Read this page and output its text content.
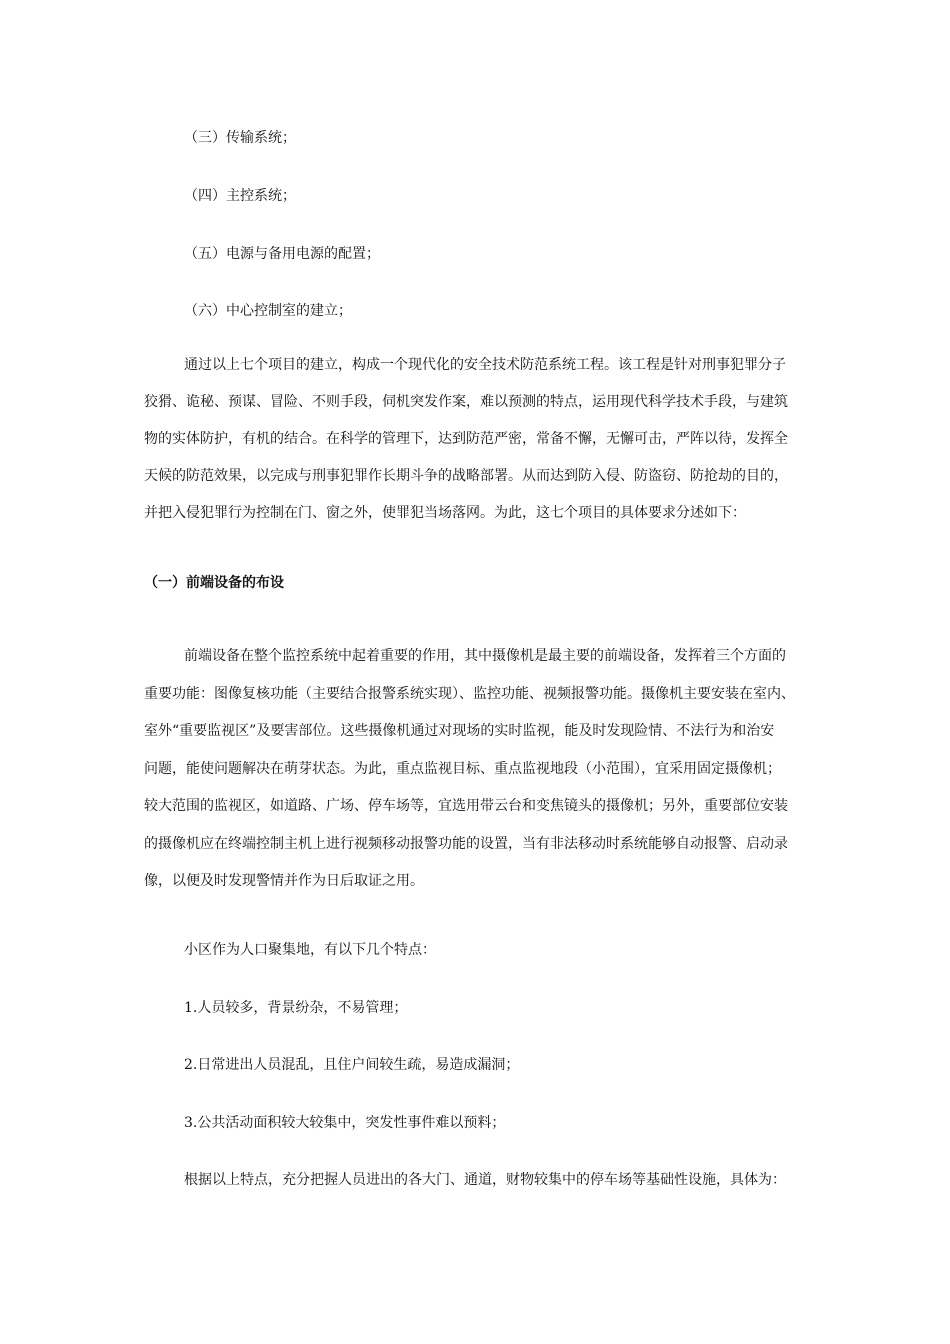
（三）传输系统；
（四）主控系统；
（五）电源与备用电源的配置；
（六）中心控制室的建立；
通过以上七个项目的建立，构成一个现代化的安全技术防范系统工程。该工程是针对刑事犯罪分子
狡猾、诡秘、预谋、冒险、不则手段，伺机突发作案，难以预测的特点，运用现代科学技术手段，与建筑
物的实体防护，有机的结合。在科学的管理下，达到防范严密，常备不懈，无懈可击，严阵以待，发挥全
天候的防范效果，以完成与刑事犯罪作长期斗争的战略部署。从而达到防入侵、防盗窃、防抢劫的目的，
并把入侵犯罪行为控制在门、窗之外，使罪犯当场落网。为此，这七个项目的具体要求分述如下：
（一）前端设备的布设
前端设备在整个监控系统中起着重要的作用，其中摄像机是最主要的前端设备，发挥着三个方面的
重要功能：图像复核功能（主要结合报警系统实现）、监控功能、视频报警功能。摄像机主要安装在室内、
室外“重要监视区”及要害部位。这些摄像机通过对现场的实时监视，能及时发现险情、不法行为和治安
问题，能使问题解决在萌芽状态。为此，重点监视目标、重点监视地段（小范围），宜采用固定摄像机；
较大范围的监视区，如道路、广场、停车场等，宜选用带云台和变焦镜头的摄像机；另外，重要部位安装
的摄像机应在终端控制主机上进行视频移动报警功能的设置，当有非法移动时系统能够自动报警、启动录
像，以便及时发现警情并作为日后取证之用。
小区作为人口聚集地，有以下几个特点：
1.人员较多，背景纷杂，不易管理；
2.日常进出人员混乱，且住户间较生疏，易造成漏洞；
3.公共活动面积较大较集中，突发性事件难以预料；
根据以上特点，充分把握人员进出的各大门、通道，财物较集中的停车场等基础性设施，具体为：
